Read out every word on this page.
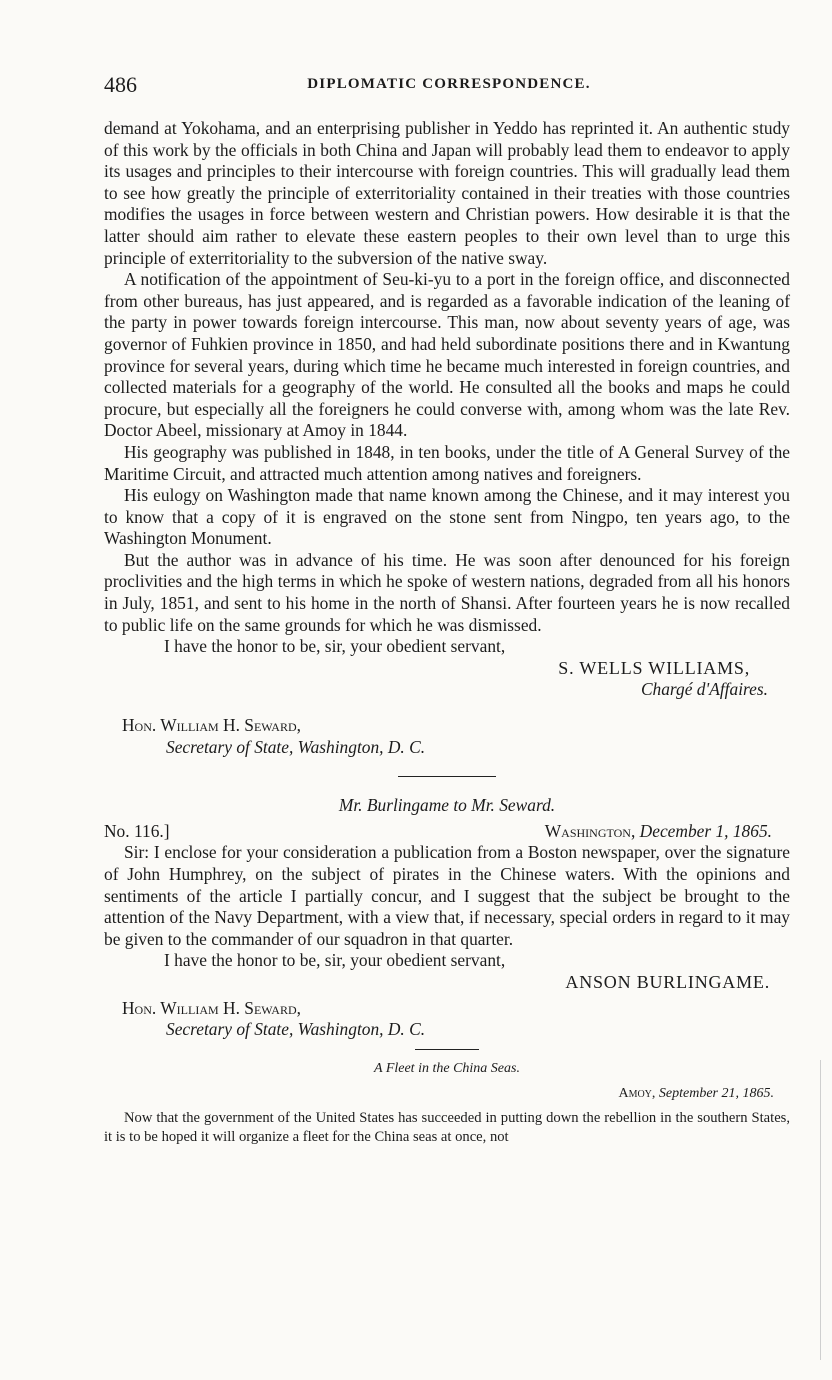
486	DIPLOMATIC CORRESPONDENCE.

demand at Yokohama, and an enterprising publisher in Yeddo has reprinted it. An authentic study of this work by the officials in both China and Japan will probably lead them to endeavor to apply its usages and principles to their intercourse with foreign countries. This will gradually lead them to see how greatly the principle of exterritoriality contained in their treaties with those countries modifies the usages in force between western and Christian powers. How desirable it is that the latter should aim rather to elevate these eastern peoples to their own level than to urge this principle of exterritoriality to the subversion of the native sway.

A notification of the appointment of Seu-ki-yu to a port in the foreign office, and disconnected from other bureaus, has just appeared, and is regarded as a favorable indication of the leaning of the party in power towards foreign intercourse. This man, now about seventy years of age, was governor of Fuhkien province in 1850, and had held subordinate positions there and in Kwantung province for several years, during which time he became much interested in foreign countries, and collected materials for a geography of the world. He consulted all the books and maps he could procure, but especially all the foreigners he could converse with, among whom was the late Rev. Doctor Abeel, missionary at Amoy in 1844.

His geography was published in 1848, in ten books, under the title of A General Survey of the Maritime Circuit, and attracted much attention among natives and foreigners.

His eulogy on Washington made that name known among the Chinese, and it may interest you to know that a copy of it is engraved on the stone sent from Ningpo, ten years ago, to the Washington Monument.

But the author was in advance of his time. He was soon after denounced for his foreign proclivities and the high terms in which he spoke of western nations, degraded from all his honors in July, 1851, and sent to his home in the north of Shansi. After fourteen years he is now recalled to public life on the same grounds for which he was dismissed.

I have the honor to be, sir, your obedient servant,
S. WELLS WILLIAMS,
Chargé d'Affaires.
Hon. William H. Seward,
Secretary of State, Washington, D. C.
Mr. Burlingame to Mr. Seward.
No. 116.]	Washington, December 1, 1865.

Sir: I enclose for your consideration a publication from a Boston newspaper, over the signature of John Humphrey, on the subject of pirates in the Chinese waters. With the opinions and sentiments of the article I partially concur, and I suggest that the subject be brought to the attention of the Navy Department, with a view that, if necessary, special orders in regard to it may be given to the commander of our squadron in that quarter.

I have the honor to be, sir, your obedient servant,
ANSON BURLINGAME.
Hon. William H. Seward,
Secretary of State, Washington, D. C.
A Fleet in the China Seas.
Amoy, September 21, 1865.

Now that the government of the United States has succeeded in putting down the rebellion in the southern States, it is to be hoped it will organize a fleet for the China seas at once, not
